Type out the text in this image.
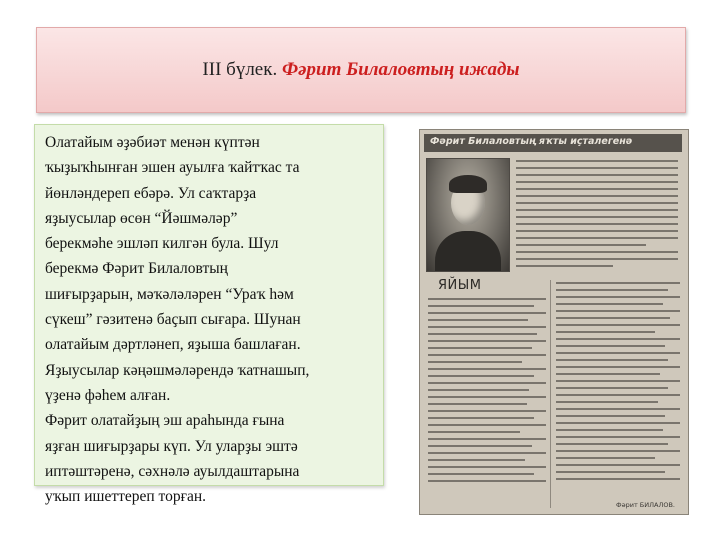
III бүлек. Фәрит Билаловтың ижады

Олатайым әҙәбиәт менән күптән
ҡыҙыҡһынған эшен ауылға ҡайтҡас та
йөнләндереп ебәрә. Ул саҡтарҙа
яҙыусылар өсөн “Йәшмәләр”
берекмәһе эшләп килгән була. Шул
берекмә Фәрит Билаловтың
шиғырҙарын, мәҡәләләрен “Ураҡ һәм
сүкеш” гәзитенә баҫып сығара. Шунан
олатайым дәртләнеп, яҙыша башлаған.
Яҙыусылар кәңәшмәләрендә ҡатнашып,
үҙенә фәһем алған.

Фәрит олатайҙың эш араһында ғына
яҙған шиғырҙары күп. Ул уларҙы эштә
иптәштәренә, сәхнәлә ауылдаштарына
уҡып ишеттереп торған.

Фәрит Билаловтың яҡты иҫталегенә
ЯЙЫМ
Фәрит БИЛАЛОВ.
